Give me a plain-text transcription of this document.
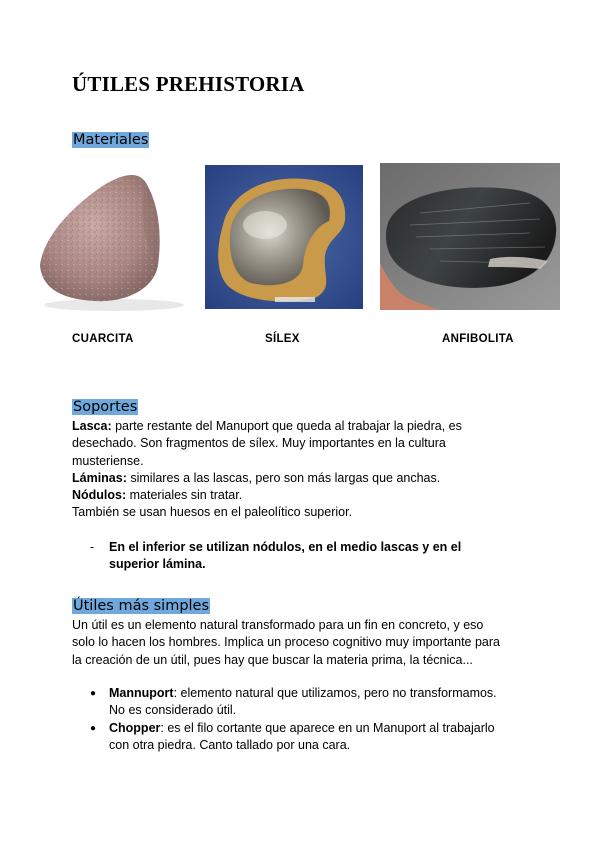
ÚTILES PREHISTORIA
Materiales
CUARCITA	SÍLEX	ANFIBOLITA
Soportes
Lasca: parte restante del Manuport que queda al trabajar la piedra, es
desechado. Son fragmentos de sílex. Muy importantes en la cultura
musteriense.
Láminas: similares a las lascas, pero son más largas que anchas.
Nódulos: materiales sin tratar.
También se usan huesos en el paleolítico superior.
- En el inferior se utilizan nódulos, en el medio lascas y en el
superior lámina.
Útiles más simples
Un útil es un elemento natural transformado para un fin en concreto, y eso
solo lo hacen los hombres. Implica un proceso cognitivo muy importante para
la creación de un útil, pues hay que buscar la materia prima, la técnica...
● Mannuport: elemento natural que utilizamos, pero no transformamos.
No es considerado útil.
● Chopper: es el filo cortante que aparece en un Manuport al trabajarlo
con otra piedra. Canto tallado por una cara.
